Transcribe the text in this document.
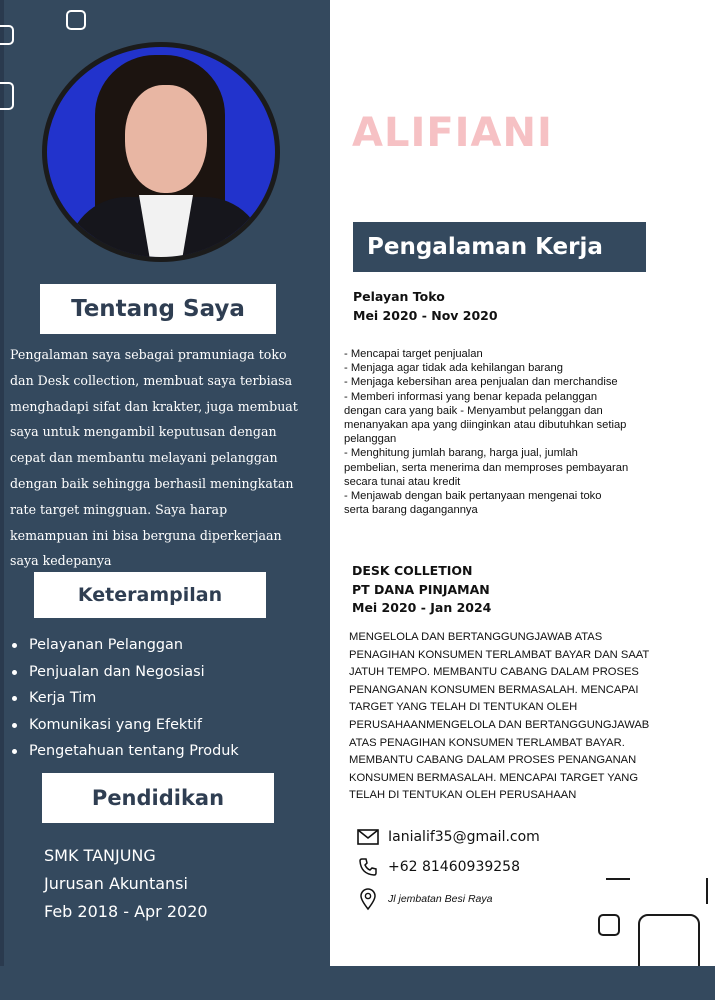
Tentang Saya
Pengalaman saya sebagai pramuniaga toko
dan Desk collection, membuat saya terbiasa
menghadapi sifat dan krakter, juga membuat
saya untuk mengambil keputusan dengan
cepat dan membantu melayani pelanggan
dengan baik sehingga berhasil meningkatan
rate target mingguan. Saya harap
kemampuan ini bisa berguna diperkerjaan
saya kedepanya
Keterampilan
Pelayanan Pelanggan
Penjualan dan Negosiasi
Kerja Tim
Komunikasi yang Efektif
Pengetahuan tentang Produk
Pendidikan
SMK TANJUNG
Jurusan Akuntansi
Feb 2018 - Apr 2020
ALIFIANI
Pengalaman Kerja
Pelayan Toko
Mei 2020 - Nov 2020
- Mencapai target penjualan
- Menjaga agar tidak ada kehilangan barang
- Menjaga kebersihan area penjualan dan merchandise
- Memberi informasi yang benar kepada pelanggan
dengan cara yang baik - Menyambut pelanggan dan
menanyakan apa yang diinginkan atau dibutuhkan setiap
pelanggan
- Menghitung jumlah barang, harga jual, jumlah
pembelian, serta menerima dan memproses pembayaran
secara tunai atau kredit
- Menjawab dengan baik pertanyaan mengenai toko
serta barang dagangannya
DESK COLLETION
PT DANA PINJAMAN
Mei 2020 - Jan 2024
MENGELOLA DAN BERTANGGUNGJAWAB ATAS
PENAGIHAN KONSUMEN TERLAMBAT BAYAR DAN SAAT
JATUH TEMPO. MEMBANTU CABANG DALAM PROSES
PENANGANAN KONSUMEN BERMASALAH. MENCAPAI
TARGET YANG TELAH DI TENTUKAN OLEH
PERUSAHAANMENGELOLA DAN BERTANGGUNGJAWAB
ATAS PENAGIHAN KONSUMEN TERLAMBAT BAYAR.
MEMBANTU CABANG DALAM PROSES PENANGANAN
KONSUMEN BERMASALAH. MENCAPAI TARGET YANG
TELAH DI TENTUKAN OLEH PERUSAHAAN
Ianialif35@gmail.com
+62 81460939258
Jl jembatan Besi Raya
